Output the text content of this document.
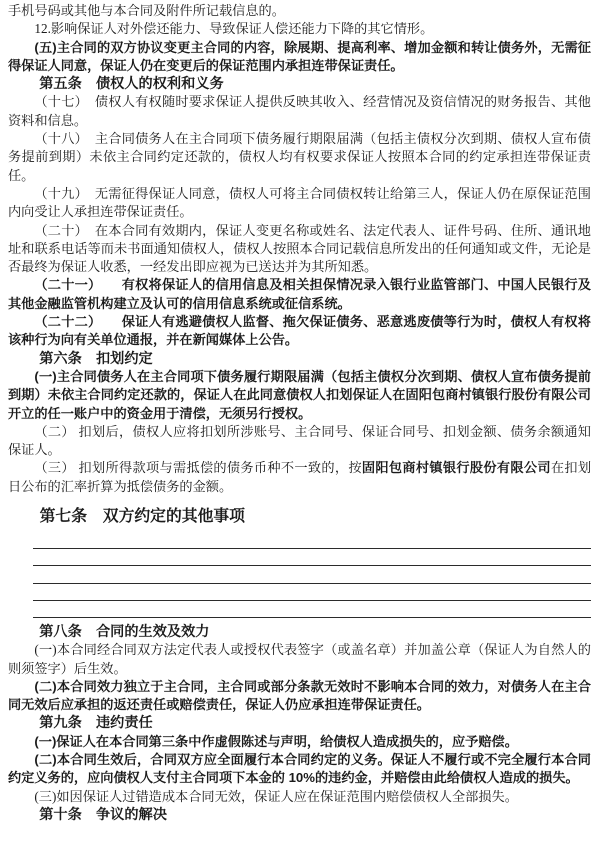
手机号码或其他与本合同及附件所记载信息的。

12.影响保证人对外偿还能力、导致保证人偿还能力下降的其它情形。

(五)主合同的双方协议变更主合同的内容，除展期、提高利率、增加金额和转让债务外，无需征得保证人同意，保证人仍在变更后的保证范围内承担连带保证责任。

第五条　债权人的权利和义务

（十七）　债权人有权随时要求保证人提供反映其收入、经营情况及资信情况的财务报告、其他资料和信息。

（十八）　主合同债务人在主合同项下债务履行期限届满（包括主债权分次到期、债权人宣布债务提前到期）未依主合同约定还款的，债权人均有权要求保证人按照本合同的约定承担连带保证责任。

（十九）　无需征得保证人同意，债权人可将主合同债权转让给第三人，保证人仍在原保证范围内向受让人承担连带保证责任。

（二十）　在本合同有效期内，保证人变更名称或姓名、法定代表人、证件号码、住所、通讯地址和联系电话等而未书面通知债权人，债权人按照本合同记载信息所发出的任何通知或文件，无论是否最终为保证人收悉，一经发出即应视为已送达并为其所知悉。

（二十一）　　有权将保证人的信用信息及相关担保情况录入银行业监管部门、中国人民银行及其他金融监管机构建立及认可的信用信息系统或征信系统。

（二十二）　　保证人有逃避债权人监督、拖欠保证债务、恶意逃废债等行为时，债权人有权将该种行为向有关单位通报，并在新闻媒体上公告。

第六条　扣划约定

(一)主合同债务人在主合同项下债务履行期限届满（包括主债权分次到期、债权人宣布债务提前到期）未依主合同约定还款的，保证人在此同意债权人扣划保证人在固阳包商村镇银行股份有限公司开立的任一账户中的资金用于清偿，无须另行授权。

（二） 扣划后，债权人应将扣划所涉账号、主合同号、保证合同号、扣划金额、债务余额通知保证人。

（三） 扣划所得款项与需抵偿的债务币种不一致的，按固阳包商村镇银行股份有限公司在扣划日公布的汇率折算为抵偿债务的金额。

第七条　双方约定的其他事项
第八条　合同的生效及效力

(一)本合同经合同双方法定代表人或授权代表签字（或盖名章）并加盖公章（保证人为自然人的则须签字）后生效。

(二)本合同效力独立于主合同，主合同或部分条款无效时不影响本合同的效力，对债务人在主合同无效后应承担的返还责任或赔偿责任，保证人仍应承担连带保证责任。

第九条　违约责任

(一)保证人在本合同第三条中作虚假陈述与声明，给债权人造成损失的，应予赔偿。

(二)本合同生效后，合同双方应全面履行本合同约定的义务。保证人不履行或不完全履行本合同约定义务的，应向债权人支付主合同项下本金的 10%的违约金，并赔偿由此给债权人造成的损失。

(三)如因保证人过错造成本合同无效，保证人应在保证范围内赔偿债权人全部损失。

第十条　争议的解决
